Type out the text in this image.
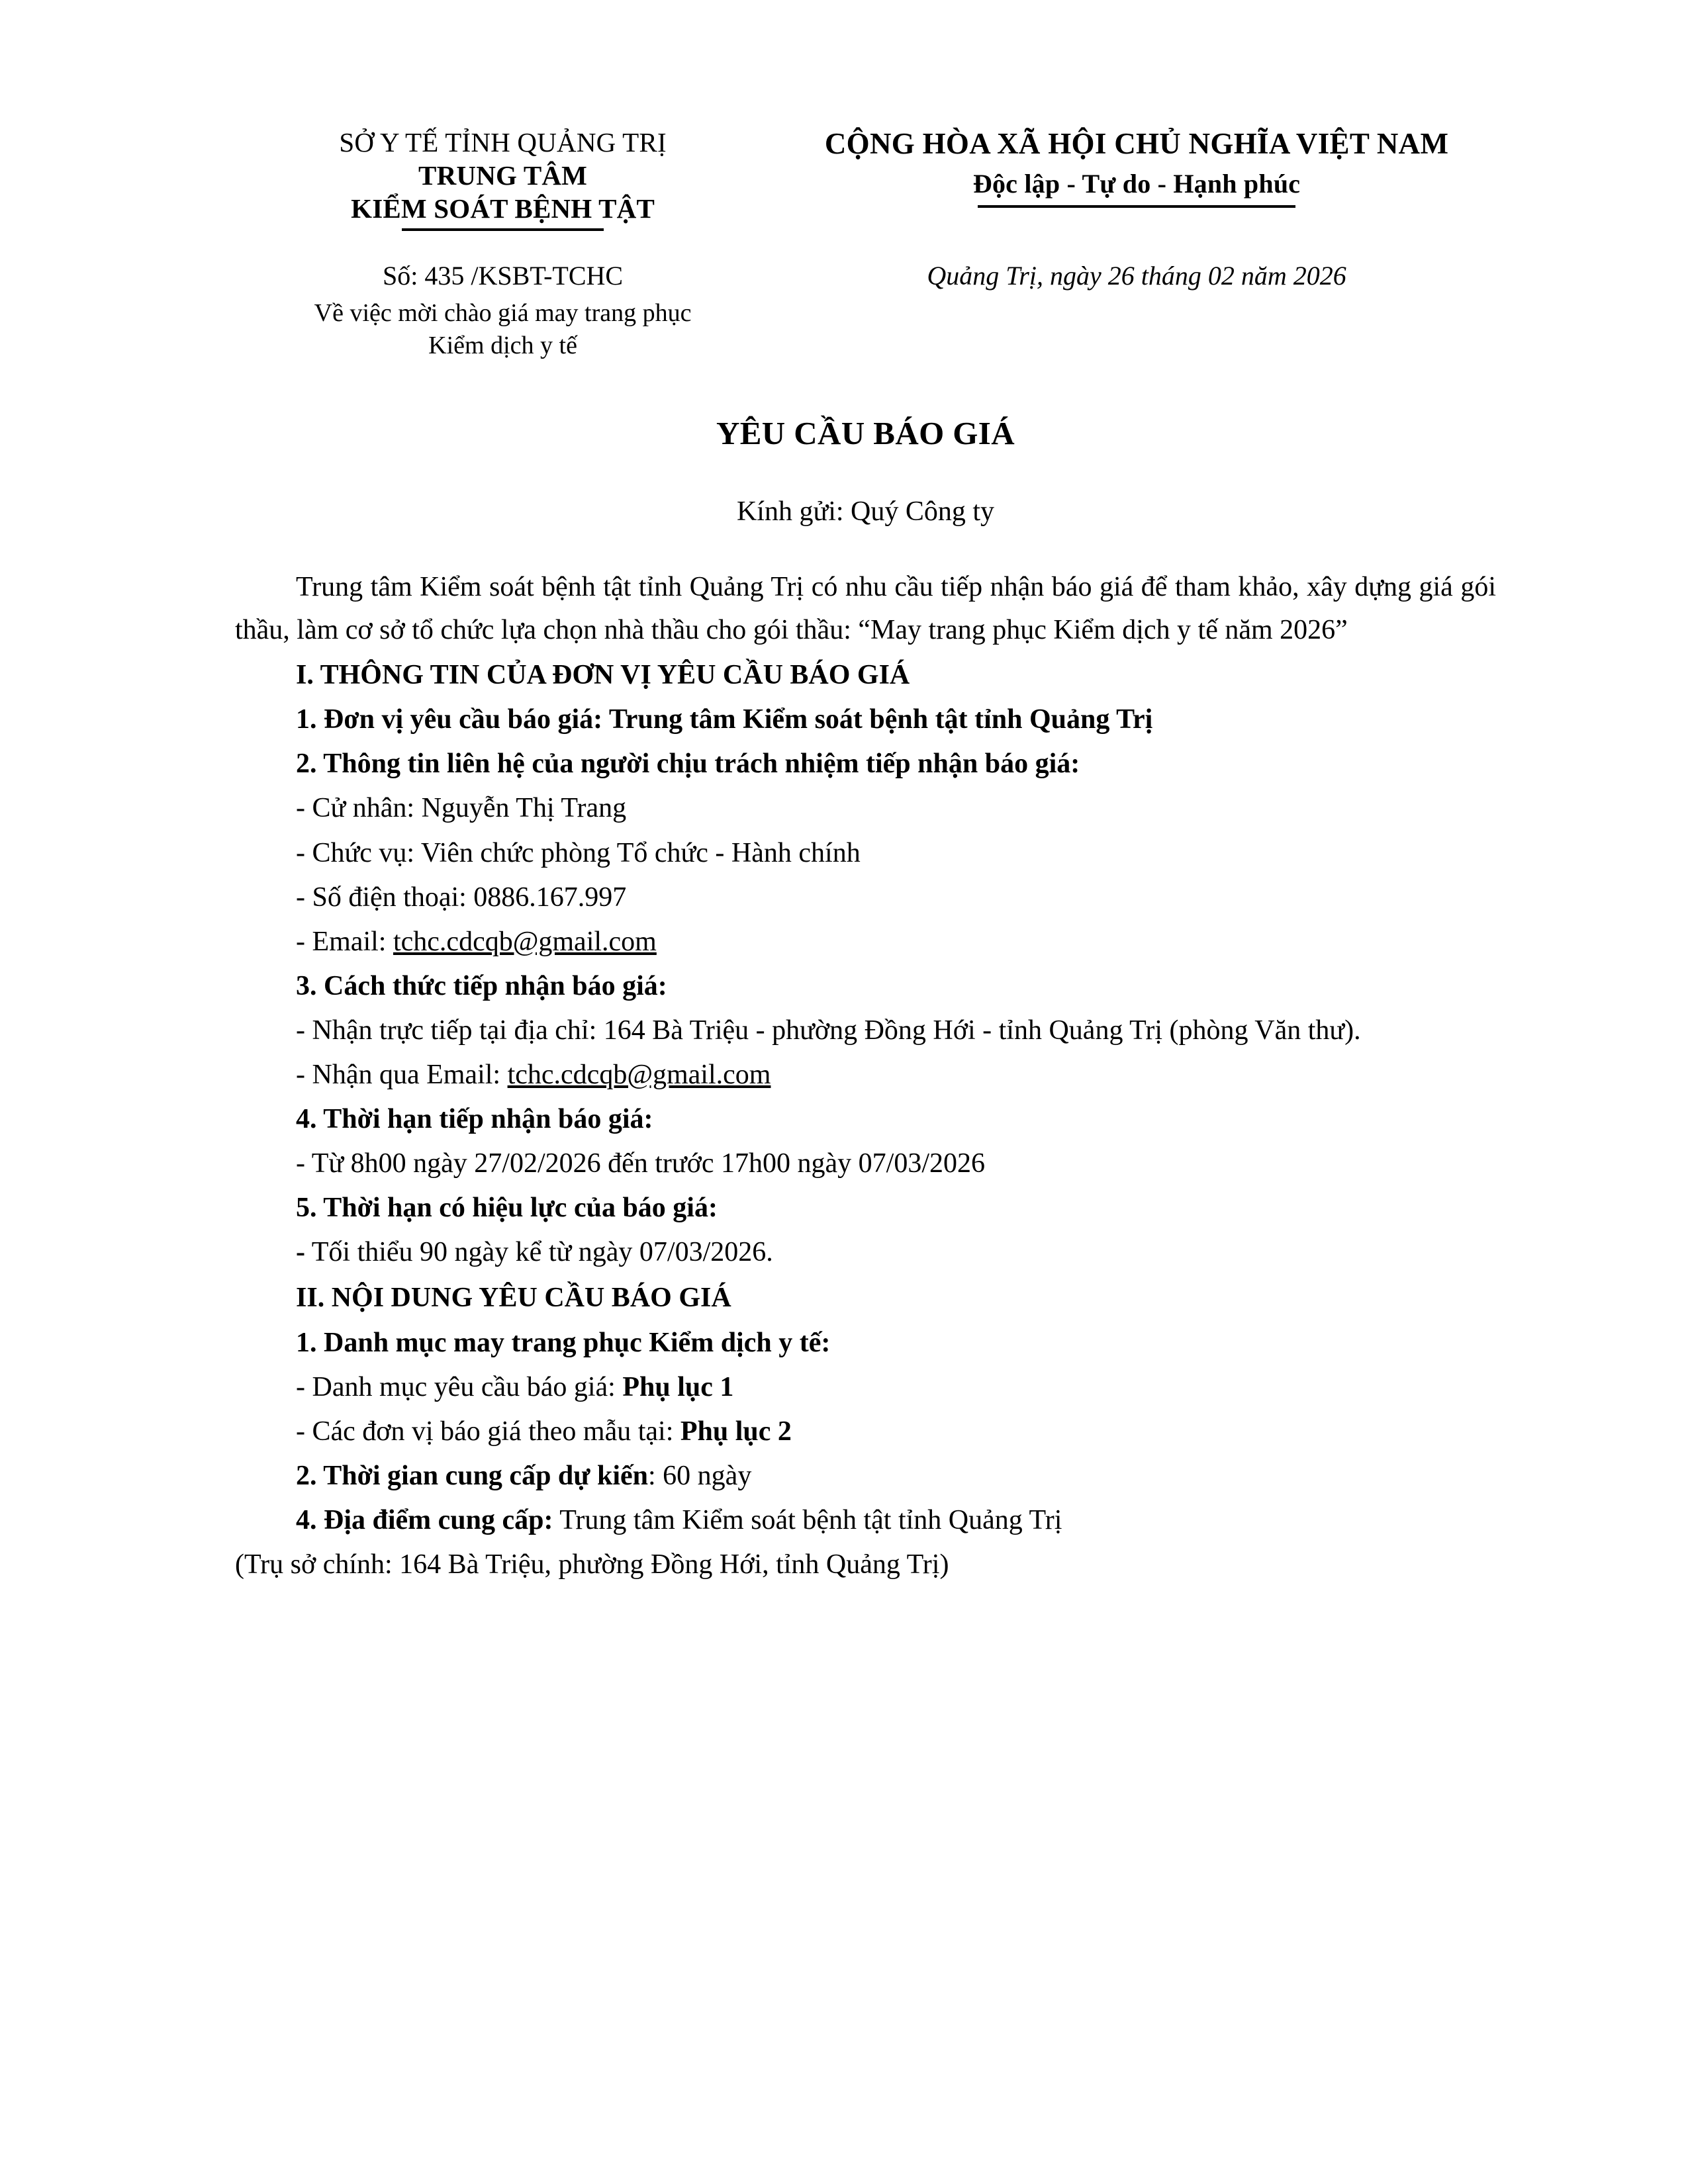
SỞ Y TẾ TỈNH QUẢNG TRỊ
TRUNG TÂM
KIỂM SOÁT BỆNH TẬT
CỘNG HÒA XÃ HỘI CHỦ NGHĨA VIỆT NAM
Độc lập - Tự do - Hạnh phúc
Số: 435 /KSBT-TCHC
Về việc mời chào giá may trang phục
Kiểm dịch y tế
Quảng Trị, ngày 26 tháng 02 năm 2026
YÊU CẦU BÁO GIÁ
Kính gửi: Quý Công ty
Trung tâm Kiểm soát bệnh tật tỉnh Quảng Trị có nhu cầu tiếp nhận báo giá để tham khảo, xây dựng giá gói thầu, làm cơ sở tổ chức lựa chọn nhà thầu cho gói thầu: “May trang phục Kiểm dịch y tế năm 2026”
I. THÔNG TIN CỦA ĐƠN VỊ YÊU CẦU BÁO GIÁ
1. Đơn vị yêu cầu báo giá: Trung tâm Kiểm soát bệnh tật tỉnh Quảng Trị
2. Thông tin liên hệ của người chịu trách nhiệm tiếp nhận báo giá:
- Cử nhân: Nguyễn Thị Trang
- Chức vụ: Viên chức phòng Tổ chức - Hành chính
- Số điện thoại: 0886.167.997
- Email: tchc.cdcqb@gmail.com
3. Cách thức tiếp nhận báo giá:
- Nhận trực tiếp tại địa chỉ: 164 Bà Triệu - phường Đồng Hới - tỉnh Quảng Trị (phòng Văn thư).
- Nhận qua Email: tchc.cdcqb@gmail.com
4. Thời hạn tiếp nhận báo giá:
- Từ 8h00 ngày 27/02/2026 đến trước 17h00 ngày 07/03/2026
5. Thời hạn có hiệu lực của báo giá:
- Tối thiểu 90 ngày kể từ ngày 07/03/2026.
II. NỘI DUNG YÊU CẦU BÁO GIÁ
1. Danh mục may trang phục Kiểm dịch y tế:
- Danh mục yêu cầu báo giá: Phụ lục 1
- Các đơn vị báo giá theo mẫu tại: Phụ lục 2
2. Thời gian cung cấp dự kiến: 60 ngày
4. Địa điểm cung cấp: Trung tâm Kiểm soát bệnh tật tỉnh Quảng Trị
(Trụ sở chính: 164 Bà Triệu, phường Đồng Hới, tỉnh Quảng Trị)
